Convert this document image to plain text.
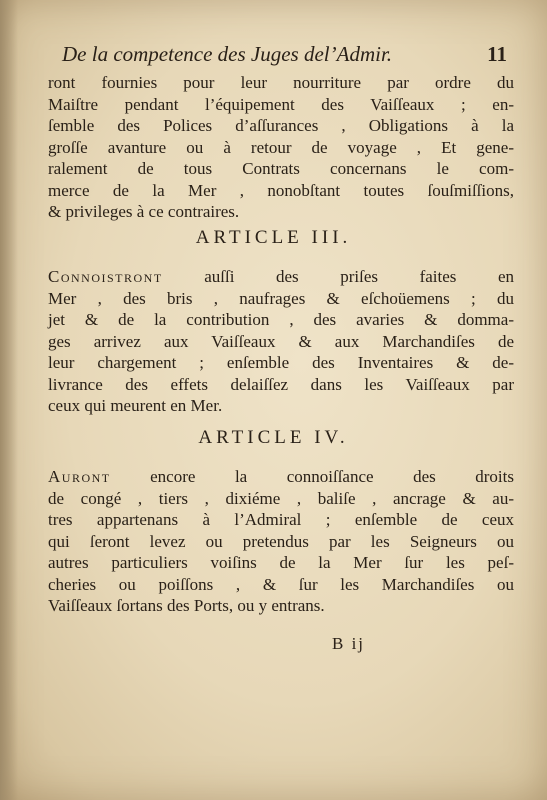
De la competence des Juges del’Admir.	11
ront fournies pour leur nourriture par ordre du
Maiſtre pendant l’équipement des Vaiſſeaux ; en-
ſemble des Polices d’aſſurances , Obligations à la
groſſe avanture ou à retour de voyage , Et gene-
ralement de tous Contrats concernans le com-
merce de la Mer , nonobſtant toutes ſouſmiſſions,
& privileges à ce contraires.
ARTICLE III.
Connoistront auſſi des priſes faites en
Mer , des bris , naufrages & eſchoüemens ; du
jet & de la contribution , des avaries & domma-
ges arrivez aux Vaiſſeaux & aux Marchandiſes de
leur chargement ; enſemble des Inventaires & de-
livrance des effets delaiſſez dans les Vaiſſeaux par
ceux qui meurent en Mer.
ARTICLE IV.
Auront encore la connoiſſance des droits
de congé , tiers , dixiéme , baliſe , ancrage & au-
tres appartenans à l’Admiral ; enſemble de ceux
qui ſeront levez ou pretendus par les Seigneurs ou
autres particuliers voiſins de la Mer ſur les peſ-
cheries ou poiſſons , & ſur les Marchandiſes ou
Vaiſſeaux ſortans des Ports, ou y entrans.
B ij
